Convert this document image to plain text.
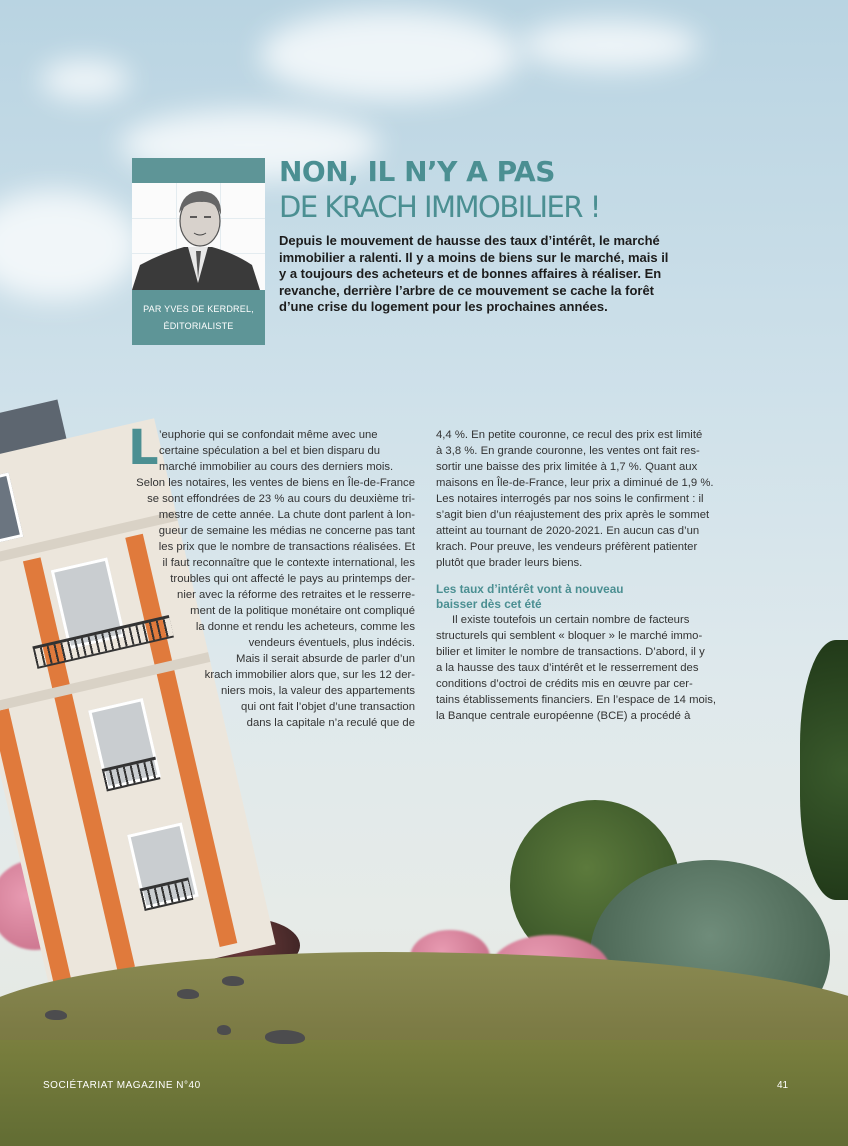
PAR YVES DE KERDREL,
ÉDITORIALISTE
NON, IL N’Y A PAS
DE KRACH IMMOBILIER !
Depuis le mouvement de hausse des taux d’intérêt, le marché immobilier a ralenti. Il y a moins de biens sur le marché, mais il y a toujours des acheteurs et de bonnes affaires à réaliser. En revanche, derrière l’arbre de ce mouvement se cache la forêt d’une crise du logement pour les prochaines années.
L ’euphorie qui se confondait même avec une
certaine spéculation a bel et bien disparu du
marché immobilier au cours des derniers mois.
Selon les notaires, les ventes de biens en Île-de-France
se sont effondrées de 23 % au cours du deuxième tri-
mestre de cette année. La chute dont parlent à lon-
gueur de semaine les médias ne concerne pas tant
les prix que le nombre de transactions réalisées. Et
il faut reconnaître que le contexte international, les
troubles qui ont affecté le pays au printemps der-
nier avec la réforme des retraites et le resserre-
ment de la politique monétaire ont compliqué
la donne et rendu les acheteurs, comme les
vendeurs éventuels, plus indécis.
Mais il serait absurde de parler d’un
krach immobilier alors que, sur les 12 der-
niers mois, la valeur des appartements
qui ont fait l’objet d’une transaction
dans la capitale n’a reculé que de
4,4 %. En petite couronne, ce recul des prix est limité
à 3,8 %. En grande couronne, les ventes ont fait res-
sortir une baisse des prix limitée à 1,7 %. Quant aux
maisons en Île-de-France, leur prix a diminué de 1,9 %.
Les notaires interrogés par nos soins le confirment : il
s’agit bien d’un réajustement des prix après le sommet
atteint au tournant de 2020-2021. En aucun cas d’un
krach. Pour preuve, les vendeurs préfèrent patienter
plutôt que brader leurs biens.

Les taux d’intérêt vont à nouveau
baisser dès cet été

Il existe toutefois un certain nombre de facteurs
structurels qui semblent « bloquer » le marché immo-
bilier et limiter le nombre de transactions. D’abord, il y
a la hausse des taux d’intérêt et le resserrement des
conditions d’octroi de crédits mis en œuvre par cer-
tains établissements financiers. En l’espace de 14 mois,
la Banque centrale européenne (BCE) a procédé à
SOCIÉTARIAT MAGAZINE N°40	41
